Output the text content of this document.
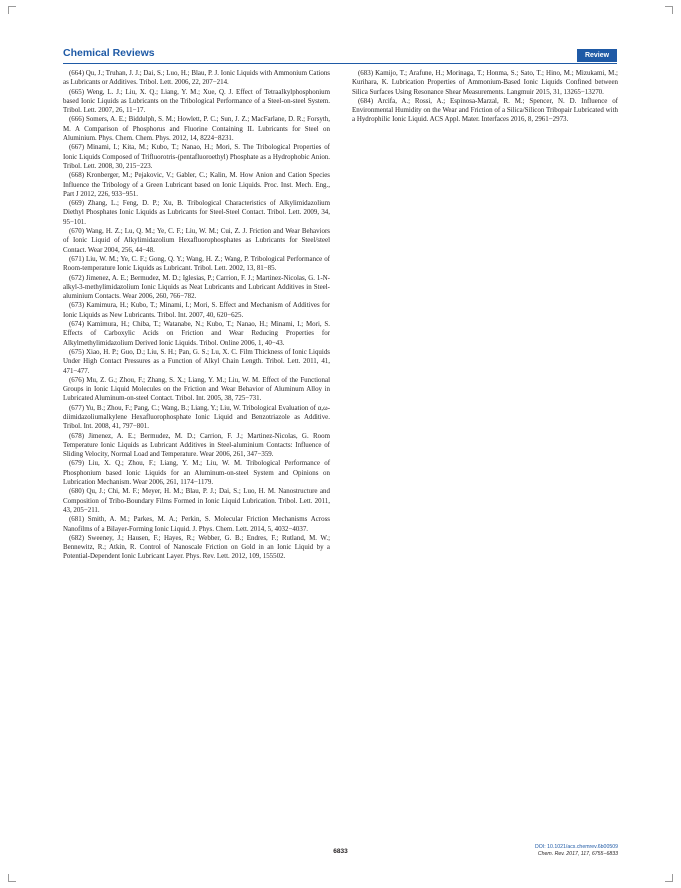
Chemical Reviews	Review

(664) Qu, J.; Truhan, J. J.; Dai, S.; Luo, H.; Blau, P. J. Ionic Liquids with Ammonium Cations as Lubricants or Additives. Tribol. Lett. 2006, 22, 207−214.

(665) Weng, L. J.; Liu, X. Q.; Liang, Y. M.; Xue, Q. J. Effect of Tetraalkylphosphonium based Ionic Liquids as Lubricants on the Tribological Performance of a Steel-on-steel System. Tribol. Lett. 2007, 26, 11−17.

(666) Somers, A. E.; Biddulph, S. M.; Howlett, P. C.; Sun, J. Z.; MacFarlane, D. R.; Forsyth, M. A Comparison of Phosphorus and Fluorine Containing IL Lubricants for Steel on Aluminium. Phys. Chem. Chem. Phys. 2012, 14, 8224−8231.

(667) Minami, I.; Kita, M.; Kubo, T.; Nanao, H.; Mori, S. The Tribological Properties of Ionic Liquids Composed of Trifluorotris-(pentafluoroethyl) Phosphate as a Hydrophobic Anion. Tribol. Lett. 2008, 30, 215−223.

(668) Kronberger, M.; Pejakovic, V.; Gabler, C.; Kalin, M. How Anion and Cation Species Influence the Tribology of a Green Lubricant based on Ionic Liquids. Proc. Inst. Mech. Eng., Part J 2012, 226, 933−951.

(669) Zhang, L.; Feng, D. P.; Xu, B. Tribological Characteristics of Alkylimidazolium Diethyl Phosphates Ionic Liquids as Lubricants for Steel-Steel Contact. Tribol. Lett. 2009, 34, 95−101.

(670) Wang, H. Z.; Lu, Q. M.; Ye, C. F.; Liu, W. M.; Cui, Z. J. Friction and Wear Behaviors of Ionic Liquid of Alkylimidazolium Hexafluorophosphates as Lubricants for Steel/steel Contact. Wear 2004, 256, 44−48.

(671) Liu, W. M.; Ye, C. F.; Gong, Q. Y.; Wang, H. Z.; Wang, P. Tribological Performance of Room-temperature Ionic Liquids as Lubricant. Tribol. Lett. 2002, 13, 81−85.

(672) Jimenez, A. E.; Bermudez, M. D.; Iglesias, P.; Carrion, F. J.; Martinez-Nicolas, G. 1-N-alkyl-3-methylimidazolium Ionic Liquids as Neat Lubricants and Lubricant Additives in Steel-aluminium Contacts. Wear 2006, 260, 766−782.

(673) Kamimura, H.; Kubo, T.; Minami, I.; Mori, S. Effect and Mechanism of Additives for Ionic Liquids as New Lubricants. Tribol. Int. 2007, 40, 620−625.

(674) Kamimura, H.; Chiba, T.; Watanabe, N.; Kubo, T.; Nanao, H.; Minami, I.; Mori, S. Effects of Carboxylic Acids on Friction and Wear Reducing Properties for Alkylmethylimidazolium Derived Ionic Liquids. Tribol. Online 2006, 1, 40−43.

(675) Xiao, H. P.; Guo, D.; Liu, S. H.; Pan, G. S.; Lu, X. C. Film Thickness of Ionic Liquids Under High Contact Pressures as a Function of Alkyl Chain Length. Tribol. Lett. 2011, 41, 471−477.

(676) Mu, Z. G.; Zhou, F.; Zhang, S. X.; Liang, Y. M.; Liu, W. M. Effect of the Functional Groups in Ionic Liquid Molecules on the Friction and Wear Behavior of Aluminum Alloy in Lubricated Aluminum-on-steel Contact. Tribol. Int. 2005, 38, 725−731.

(677) Yu, B.; Zhou, F.; Pang, C.; Wang, B.; Liang, Y.; Liu, W. Tribological Evaluation of α,ω-diimidazoliumalkylene Hexafluorophosphate Ionic Liquid and Benzotriazole as Additive. Tribol. Int. 2008, 41, 797−801.

(678) Jimenez, A. E.; Bermudez, M. D.; Carrion, F. J.; Martinez-Nicolas, G. Room Temperature Ionic Liquids as Lubricant Additives in Steel-aluminium Contacts: Influence of Sliding Velocity, Normal Load and Temperature. Wear 2006, 261, 347−359.

(679) Liu, X. Q.; Zhou, F.; Liang, Y. M.; Liu, W. M. Tribological Performance of Phosphonium based Ionic Liquids for an Aluminum-on-steel System and Opinions on Lubrication Mechanism. Wear 2006, 261, 1174−1179.

(680) Qu, J.; Chi, M. F.; Meyer, H. M.; Blau, P. J.; Dai, S.; Luo, H. M. Nanostructure and Composition of Tribo-Boundary Films Formed in Ionic Liquid Lubrication. Tribol. Lett. 2011, 43, 205−211.

(681) Smith, A. M.; Parkes, M. A.; Perkin, S. Molecular Friction Mechanisms Across Nanofilms of a Bilayer-Forming Ionic Liquid. J. Phys. Chem. Lett. 2014, 5, 4032−4037.

(682) Sweeney, J.; Hausen, F.; Hayes, R.; Webber, G. B.; Endres, F.; Rutland, M. W.; Bennewitz, R.; Atkin, R. Control of Nanoscale Friction on Gold in an Ionic Liquid by a Potential-Dependent Ionic Lubricant Layer. Phys. Rev. Lett. 2012, 109, 155502.

(683) Kamijo, T.; Arafune, H.; Morinaga, T.; Honma, S.; Sato, T.; Hino, M.; Mizukami, M.; Kurihara, K. Lubrication Properties of Ammonium-Based Ionic Liquids Confined between Silica Surfaces Using Resonance Shear Measurements. Langmuir 2015, 31, 13265−13270.

(684) Arcifa, A.; Rossi, A.; Espinosa-Marzal, R. M.; Spencer, N. D. Influence of Environmental Humidity on the Wear and Friction of a Silica/Silicon Tribopair Lubricated with a Hydrophilic Ionic Liquid. ACS Appl. Mater. Interfaces 2016, 8, 2961−2973.

6833
DOI: 10.1021/acs.chemrev.6b00509
Chem. Rev. 2017, 117, 6755−6833
